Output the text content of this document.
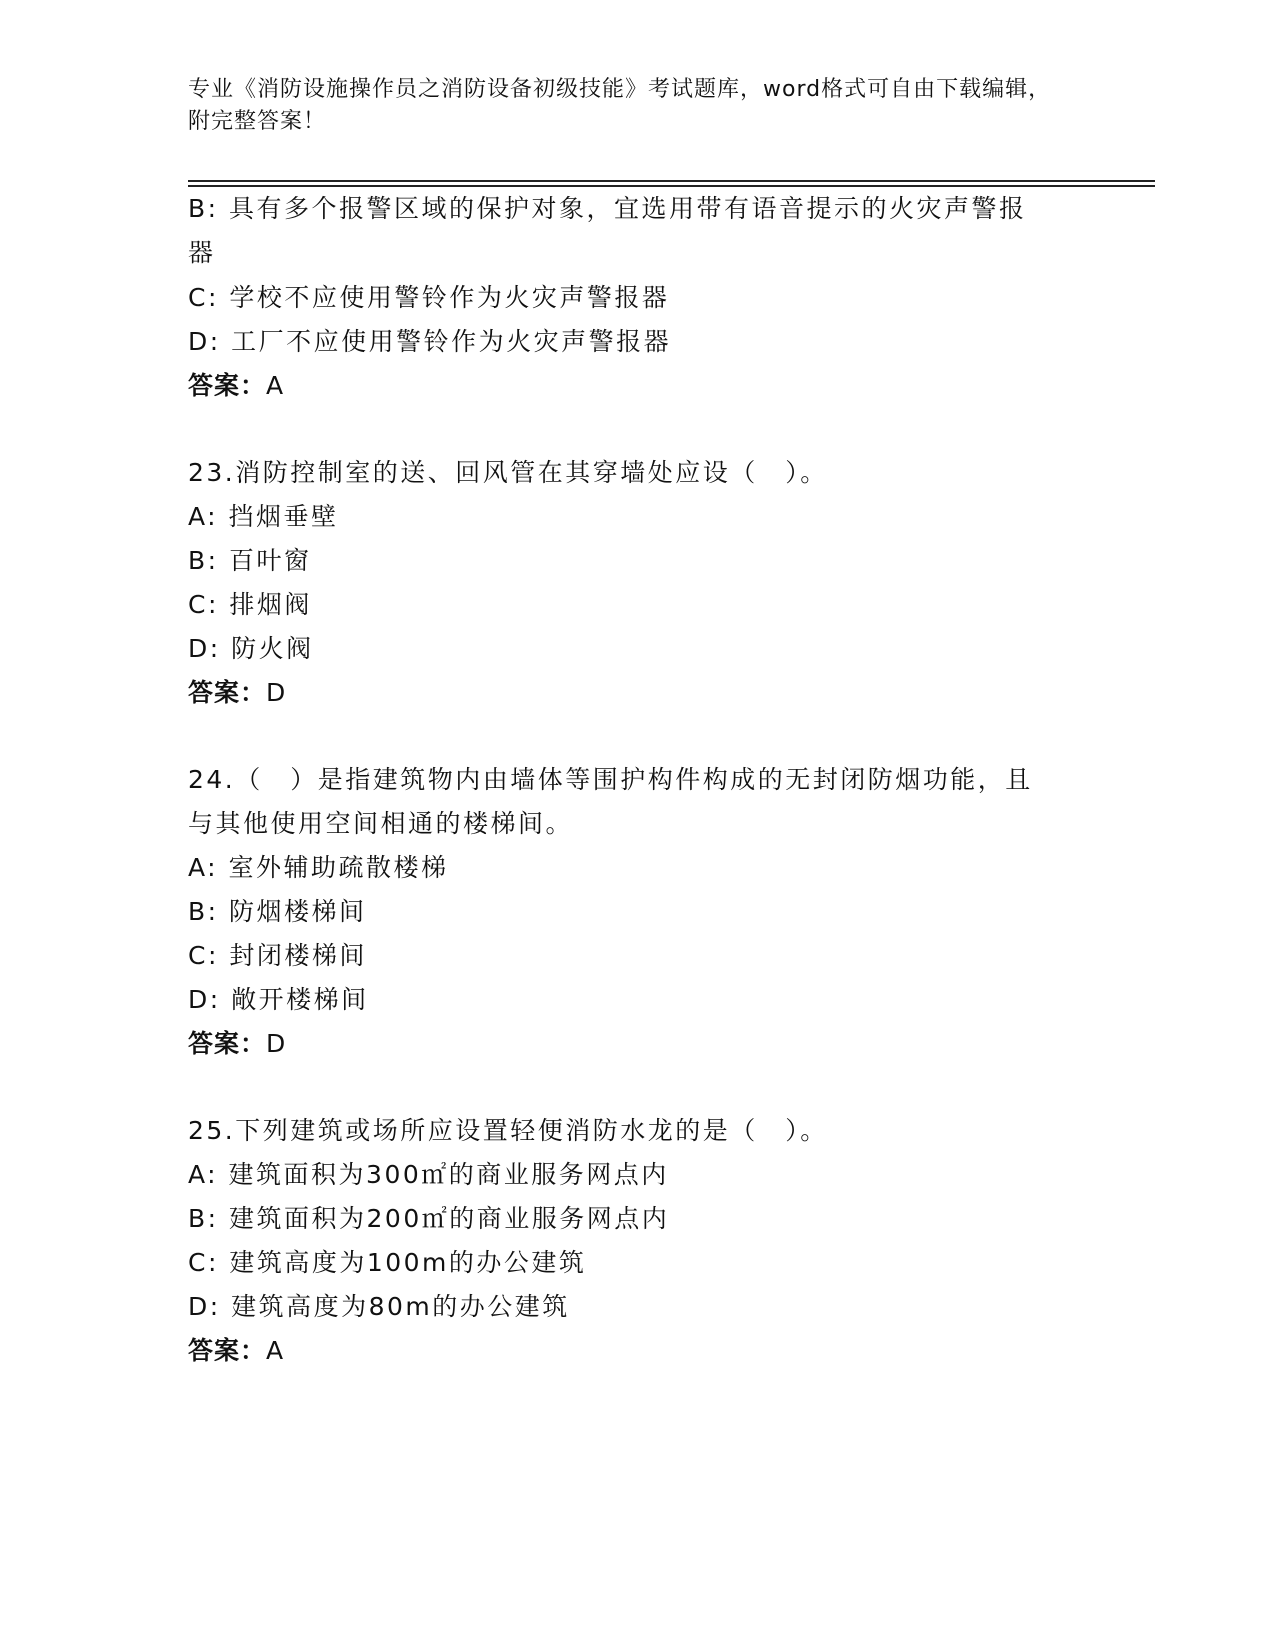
专业《消防设施操作员之消防设备初级技能》考试题库，word格式可自由下载编辑，附完整答案！
B: 具有多个报警区域的保护对象，宜选用带有语音提示的火灾声警报
器
C: 学校不应使用警铃作为火灾声警报器
D: 工厂不应使用警铃作为火灾声警报器
答案：A
23.消防控制室的送、回风管在其穿墙处应设（　）。
A: 挡烟垂壁
B: 百叶窗
C: 排烟阀
D: 防火阀
答案：D
24.（　）是指建筑物内由墙体等围护构件构成的无封闭防烟功能，且
与其他使用空间相通的楼梯间。
A: 室外辅助疏散楼梯
B: 防烟楼梯间
C: 封闭楼梯间
D: 敞开楼梯间
答案：D
25.下列建筑或场所应设置轻便消防水龙的是（　）。
A: 建筑面积为300㎡的商业服务网点内
B: 建筑面积为200㎡的商业服务网点内
C: 建筑高度为100m的办公建筑
D: 建筑高度为80m的办公建筑
答案：A
